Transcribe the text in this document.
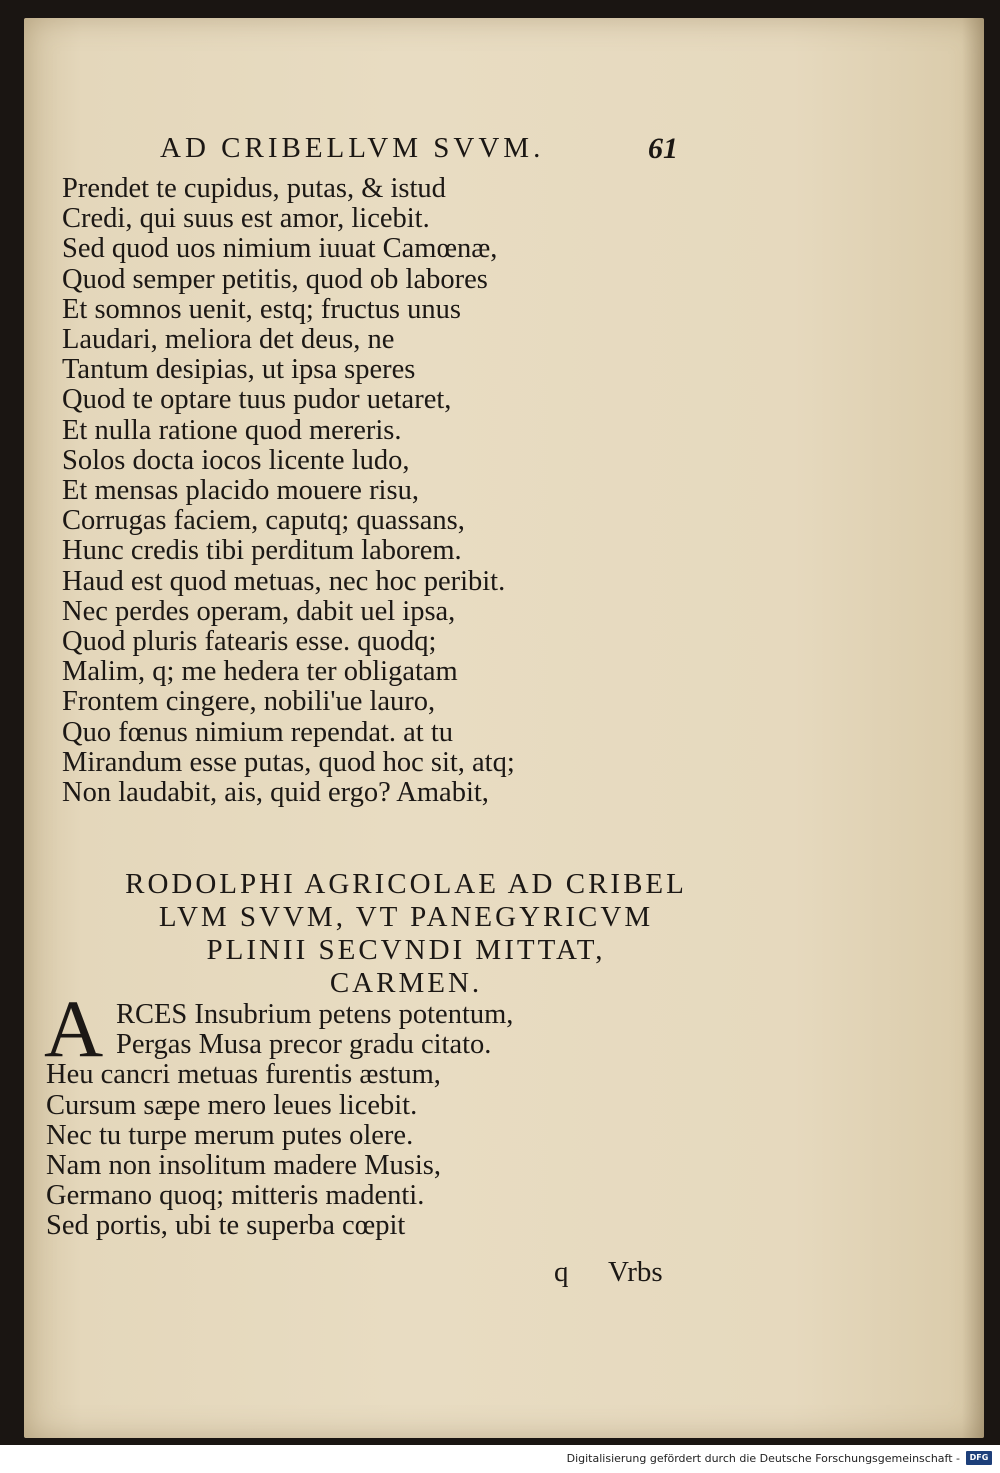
AD CRIBELLVM SVVM.	61
Prendet te cupidus, putas, & istud
Credi, qui suus est amor, licebit.
Sed quod uos nimium iuuat Camœnæ,
Quod semper petitis, quod ob labores
Et somnos uenit, estq; fructus unus
Laudari, meliora det deus, ne
Tantum desipias, ut ipsa speres
Quod te optare tuus pudor uetaret,
Et nulla ratione quod mereris.
Solos docta iocos licente ludo,
Et mensas placido mouere risu,
Corrugas faciem, caputq; quassans,
Hunc credis tibi perditum laborem.
Haud est quod metuas, nec hoc peribit.
Nec perdes operam, dabit uel ipsa,
Quod pluris fatearis esse. quodq;
Malim, q; me hedera ter obligatam
Frontem cingere, nobili'ue lauro,
Quo fœnus nimium rependat. at tu
Mirandum esse putas, quod hoc sit, atq;
Non laudabit, ais, quid ergo? Amabit,
RODOLPHI AGRICOLAE AD CRIBEL
LVM SVVM, VT PANEGYRICVM
PLINII SECVNDI MITTAT,
CARMEN.
A RCES Insubrium petens potentum,
Pergas Musa precor gradu citato.
Heu cancri metuas furentis æstum,
Cursum sæpe mero leues licebit.
Nec tu turpe merum putes olere.
Nam non insolitum madere Musis,
Germano quoq; mitteris madenti.
Sed portis, ubi te superba cœpit
q Vrbs
Digitalisierung gefördert durch die Deutsche Forschungsgemeinschaft -	DFG
